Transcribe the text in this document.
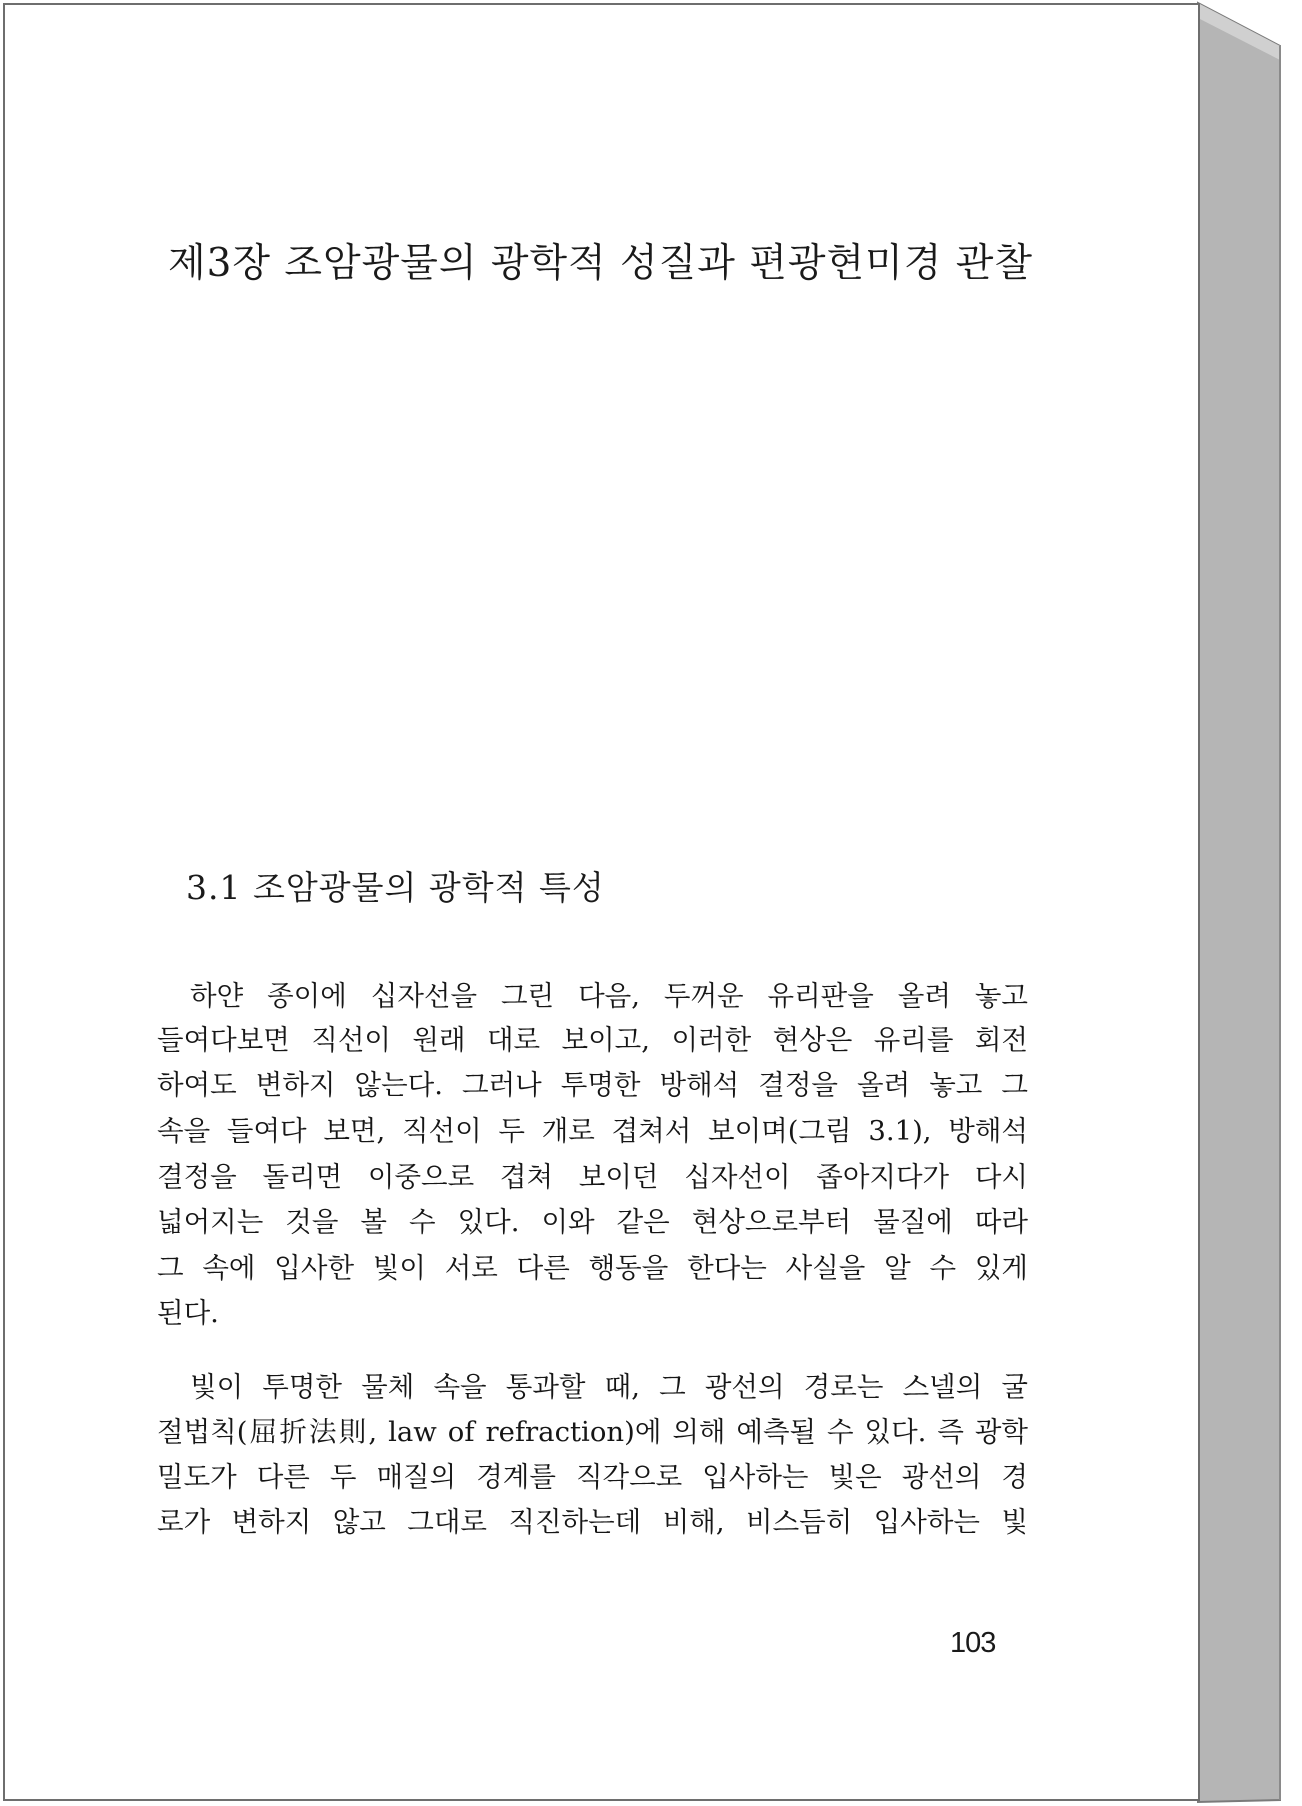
제3장 조암광물의 광학적 성질과 편광현미경 관찰
3.1 조암광물의 광학적 특성
하얀 종이에 십자선을 그린 다음, 두꺼운 유리판을 올려 놓고
들여다보면 직선이 원래 대로 보이고, 이러한 현상은 유리를 회전
하여도 변하지 않는다. 그러나 투명한 방해석 결정을 올려 놓고 그
속을 들여다 보면, 직선이 두 개로 겹쳐서 보이며(그림 3.1), 방해석
결정을 돌리면 이중으로 겹쳐 보이던 십자선이 좁아지다가 다시
넓어지는 것을 볼 수 있다. 이와 같은 현상으로부터 물질에 따라
그 속에 입사한 빛이 서로 다른 행동을 한다는 사실을 알 수 있게
된다.
빛이 투명한 물체 속을 통과할 때, 그 광선의 경로는 스넬의 굴
절법칙(屈折法則, law of refraction)에 의해 예측될 수 있다. 즉 광학
밀도가 다른 두 매질의 경계를 직각으로 입사하는 빛은 광선의 경
로가 변하지 않고 그대로 직진하는데 비해, 비스듬히 입사하는 빛
103
